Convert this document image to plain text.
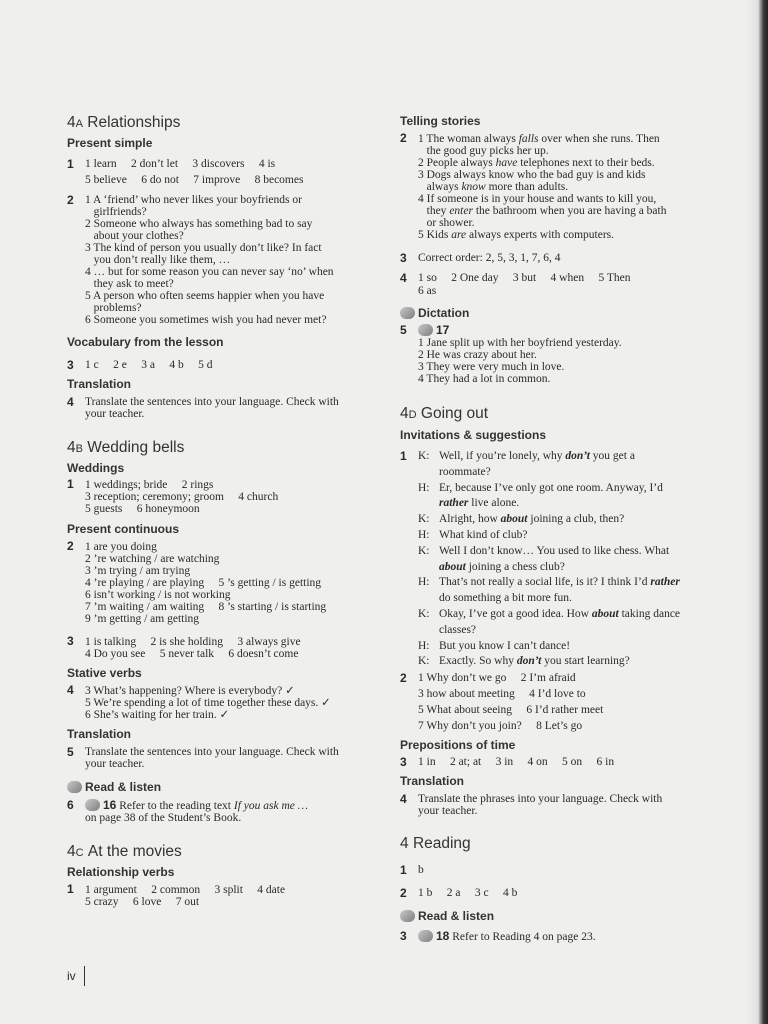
4A Relationships
Present simple
1 1 learn     2 don’t let     3 discovers     4 is
5 believe     6 do not     7 improve     8 becomes
2 1 A ‘friend’ who never likes your boyfriends or
girlfriends?
2 Someone who always has something bad to say
about your clothes?
3 The kind of person you usually don’t like? In fact
you don’t really like them, …
4 … but for some reason you can never say ‘no’ when
they ask to meet?
5 A person who often seems happier when you have
problems?
6 Someone you sometimes wish you had never met?
Vocabulary from the lesson
3 1 c     2 e     3 a     4 b     5 d
Translation
4 Translate the sentences into your language. Check with
your teacher.
4B Wedding bells
Weddings
1 1 weddings; bride     2 rings
3 reception; ceremony; groom     4 church
5 guests     6 honeymoon
Present continuous
2 1 are you doing
2 ’re watching / are watching
3 ’m trying / am trying
4 ’re playing / are playing     5 ’s getting / is getting
6 isn’t working / is not working
7 ’m waiting / am waiting     8 ’s starting / is starting
9 ’m getting / am getting
3 1 is talking     2 is she holding     3 always give
4 Do you see     5 never talk     6 doesn’t come
Stative verbs
4 3 What’s happening? Where is everybody? ✓
5 We’re spending a lot of time together these days. ✓
6 She’s waiting for her train. ✓
Translation
5 Translate the sentences into your language. Check with
your teacher.
Read & listen
6	16 Refer to the reading text If you ask me …
on page 38 of the Student’s Book.
4C At the movies
Relationship verbs
1 1 argument     2 common     3 split     4 date
5 crazy     6 love     7 out
iv
Telling stories
2 1 The woman always falls over when she runs. Then
the good guy picks her up.
2 People always have telephones next to their beds.
3 Dogs always know who the bad guy is and kids
always know more than adults.
4 If someone is in your house and wants to kill you,
they enter the bathroom when you are having a bath
or shower.
5 Kids are always experts with computers.
3 Correct order: 2, 5, 3, 1, 7, 6, 4
4 1 so     2 One day     3 but     4 when     5 Then
6 as
Dictation
5	17
1 Jane split up with her boyfriend yesterday.
2 He was crazy about her.
3 They were very much in love.
4 They had a lot in common.
4D Going out
Invitations & suggestions
1 K: Well, if you’re lonely, why don’t you get a
roommate?
H: Er, because I’ve only got one room. Anyway, I’d
rather live alone.
K: Alright, how about joining a club, then?
H: What kind of club?
K: Well I don’t know… You used to like chess. What
about joining a chess club?
H: That’s not really a social life, is it? I think I’d rather
do something a bit more fun.
K: Okay, I’ve got a good idea. How about taking dance
classes?
H: But you know I can’t dance!
K: Exactly. So why don’t you start learning?
2 1 Why don’t we go     2 I’m afraid
3 how about meeting     4 I’d love to
5 What about seeing     6 I’d rather meet
7 Why don’t you join?     8 Let’s go
Prepositions of time
3 1 in     2 at; at     3 in     4 on     5 on     6 in
Translation
4 Translate the phrases into your language. Check with
your teacher.
4 Reading
1 b
2 1 b     2 a     3 c     4 b
Read & listen
3	18 Refer to Reading 4 on page 23.
